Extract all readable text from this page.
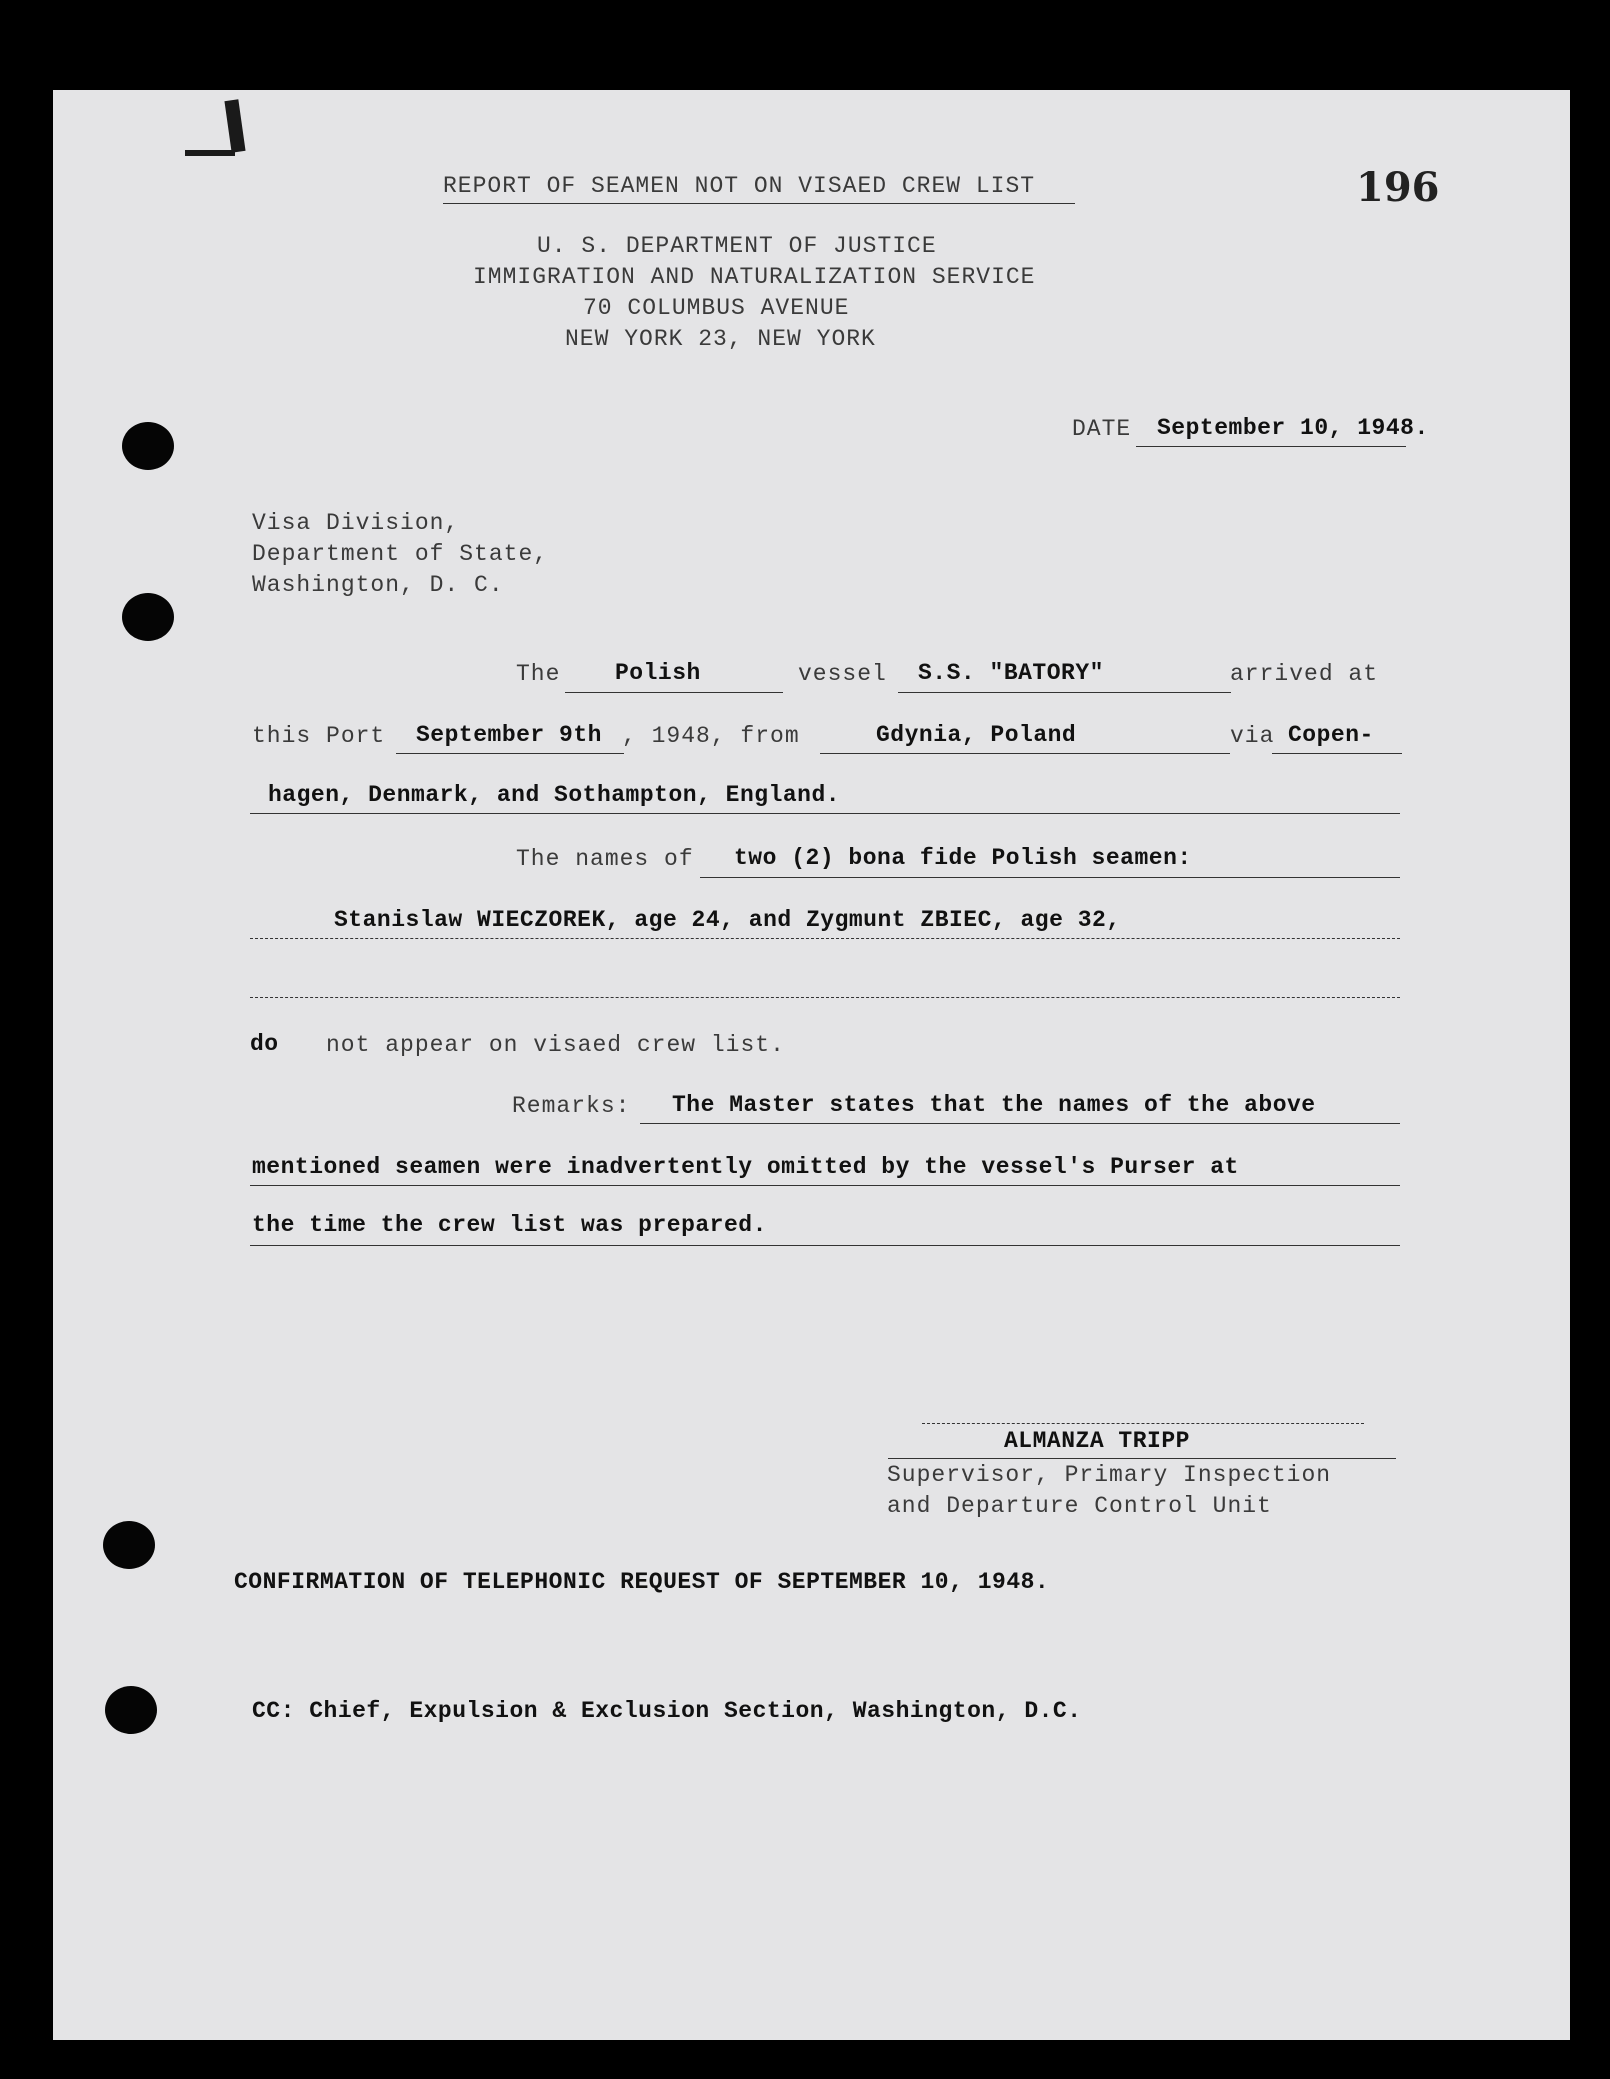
196
REPORT OF SEAMEN NOT ON VISAED CREW LIST
U. S. DEPARTMENT OF JUSTICE
IMMIGRATION AND NATURALIZATION SERVICE
70 COLUMBUS AVENUE
NEW YORK 23, NEW YORK
DATE September 10, 1948.
Visa Division,
Department of State,
Washington, D. C.
The Polish	vessel S.S. "BATORY"	arrived at
this Port September 9th , 1948, from	Gdynia, Poland	via Copen-
hagen, Denmark, and Sothampton, England.
The names of two (2) bona fide Polish seamen:
Stanislaw WIECZOREK, age 24, and Zygmunt ZBIEC, age 32,
do not appear on visaed crew list.
Remarks: The Master states that the names of the above
mentioned seamen were inadvertently omitted by the vessel's Purser at
the time the crew list was prepared.
ALMANZA TRIPP
Supervisor, Primary Inspection
and Departure Control Unit
CONFIRMATION OF TELEPHONIC REQUEST OF SEPTEMBER 10, 1948.
CC: Chief, Expulsion & Exclusion Section, Washington, D.C.
